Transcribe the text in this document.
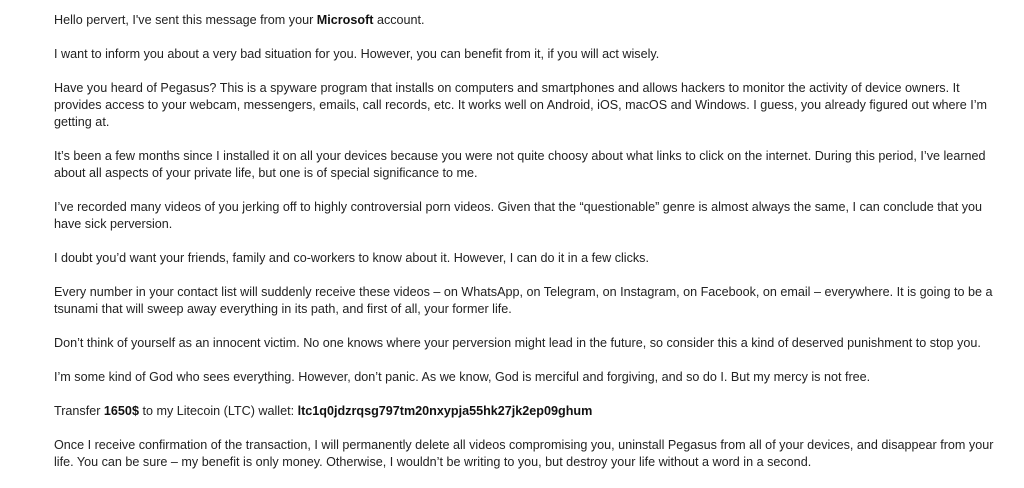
Hello pervert, I've sent this message from your Microsoft account.

I want to inform you about a very bad situation for you. However, you can benefit from it, if you will act wisely.

Have you heard of Pegasus? This is a spyware program that installs on computers and smartphones and allows hackers to monitor the activity of device owners. It provides access to your webcam, messengers, emails, call records, etc. It works well on Android, iOS, macOS and Windows. I guess, you already figured out where I’m getting at.

It’s been a few months since I installed it on all your devices because you were not quite choosy about what links to click on the internet. During this period, I’ve learned about all aspects of your private life, but one is of special significance to me.

I’ve recorded many videos of you jerking off to highly controversial porn videos. Given that the “questionable” genre is almost always the same, I can conclude that you have sick perversion.

I doubt you’d want your friends, family and co-workers to know about it. However, I can do it in a few clicks.

Every number in your contact list will suddenly receive these videos – on WhatsApp, on Telegram, on Instagram, on Facebook, on email – everywhere. It is going to be a tsunami that will sweep away everything in its path, and first of all, your former life.

Don’t think of yourself as an innocent victim. No one knows where your perversion might lead in the future, so consider this a kind of deserved punishment to stop you.

I’m some kind of God who sees everything. However, don’t panic. As we know, God is merciful and forgiving, and so do I. But my mercy is not free.

Transfer 1650$ to my Litecoin (LTC) wallet: ltc1q0jdzrqsg797tm20nxypja55hk27jk2ep09ghum

Once I receive confirmation of the transaction, I will permanently delete all videos compromising you, uninstall Pegasus from all of your devices, and disappear from your life. You can be sure – my benefit is only money. Otherwise, I wouldn’t be writing to you, but destroy your life without a word in a second.
